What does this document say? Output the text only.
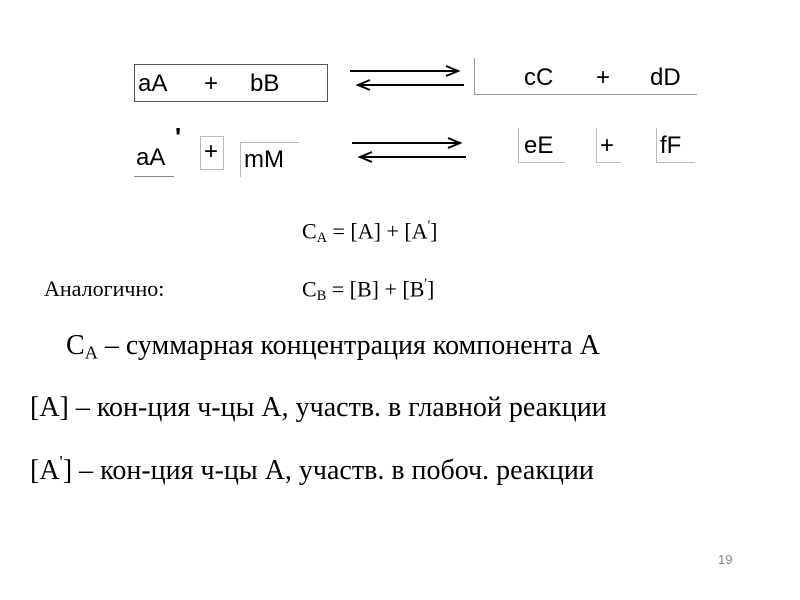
aA + bB	cC + dD
aA
' + mM
eE + fF
$C_A = [A] + [A']$
Аналогично:	$C_B = [B] + [B']$
$C_A$ – суммарная концентрация компонента A
[A] – кон-ция ч-цы А, участв. в главной реакции
[A'] – кон-ция ч-цы А, участв. в побоч. реакции
19
